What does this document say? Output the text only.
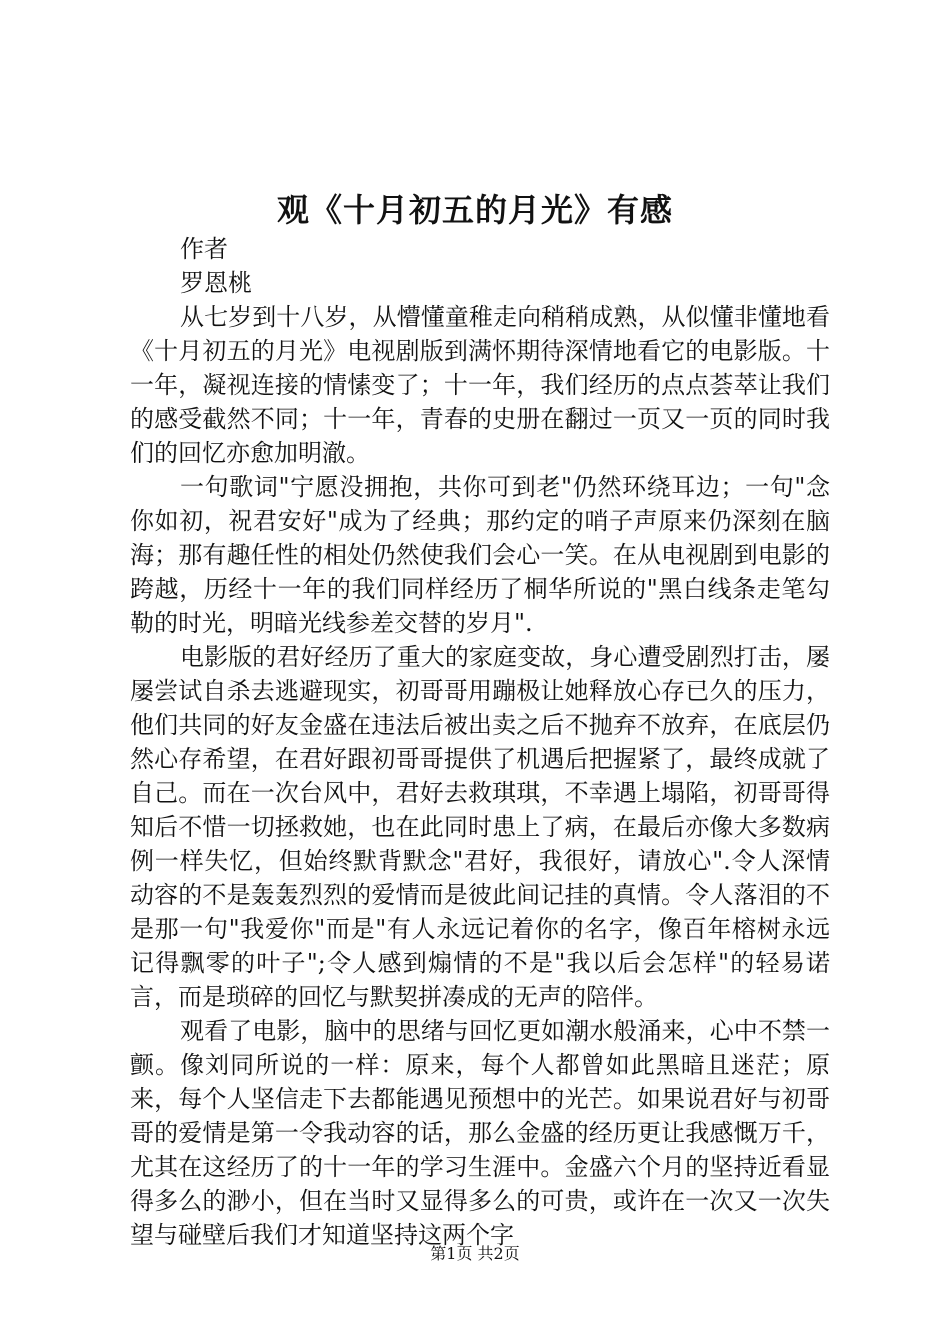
观《十月初五的月光》有感

作者

罗恩桃

从七岁到十八岁，从懵懂童稚走向稍稍成熟，从似懂非懂地看《十月初五的月光》电视剧版到满怀期待深情地看它的电影版。十一年，凝视连接的情愫变了；十一年，我们经历的点点荟萃让我们的感受截然不同；十一年，青春的史册在翻过一页又一页的同时我们的回忆亦愈加明澈。

一句歌词"宁愿没拥抱，共你可到老"仍然环绕耳边；一句"念你如初，祝君安好"成为了经典；那约定的哨子声原来仍深刻在脑海；那有趣任性的相处仍然使我们会心一笑。在从电视剧到电影的跨越，历经十一年的我们同样经历了桐华所说的"黑白线条走笔勾勒的时光，明暗光线参差交替的岁月".

电影版的君好经历了重大的家庭变故，身心遭受剧烈打击，屡屡尝试自杀去逃避现实，初哥哥用蹦极让她释放心存已久的压力，他们共同的好友金盛在违法后被出卖之后不抛弃不放弃，在底层仍然心存希望，在君好跟初哥哥提供了机遇后把握紧了，最终成就了自己。而在一次台风中，君好去救琪琪，不幸遇上塌陷，初哥哥得知后不惜一切拯救她，也在此同时患上了病，在最后亦像大多数病例一样失忆，但始终默背默念"君好，我很好，请放心".令人深情动容的不是轰轰烈烈的爱情而是彼此间记挂的真情。令人落泪的不是那一句"我爱你"而是"有人永远记着你的名字，像百年榕树永远记得飘零的叶子";令人感到煽情的不是"我以后会怎样"的轻易诺言，而是琐碎的回忆与默契拼凑成的无声的陪伴。

观看了电影，脑中的思绪与回忆更如潮水般涌来，心中不禁一颤。像刘同所说的一样：原来，每个人都曾如此黑暗且迷茫；原来，每个人坚信走下去都能遇见预想中的光芒。如果说君好与初哥哥的爱情是第一令我动容的话，那么金盛的经历更让我感慨万千，尤其在这经历了的十一年的学习生涯中。金盛六个月的坚持近看显得多么的渺小，但在当时又显得多么的可贵，或许在一次又一次失望与碰壁后我们才知道坚持这两个字

第1页 共2页
